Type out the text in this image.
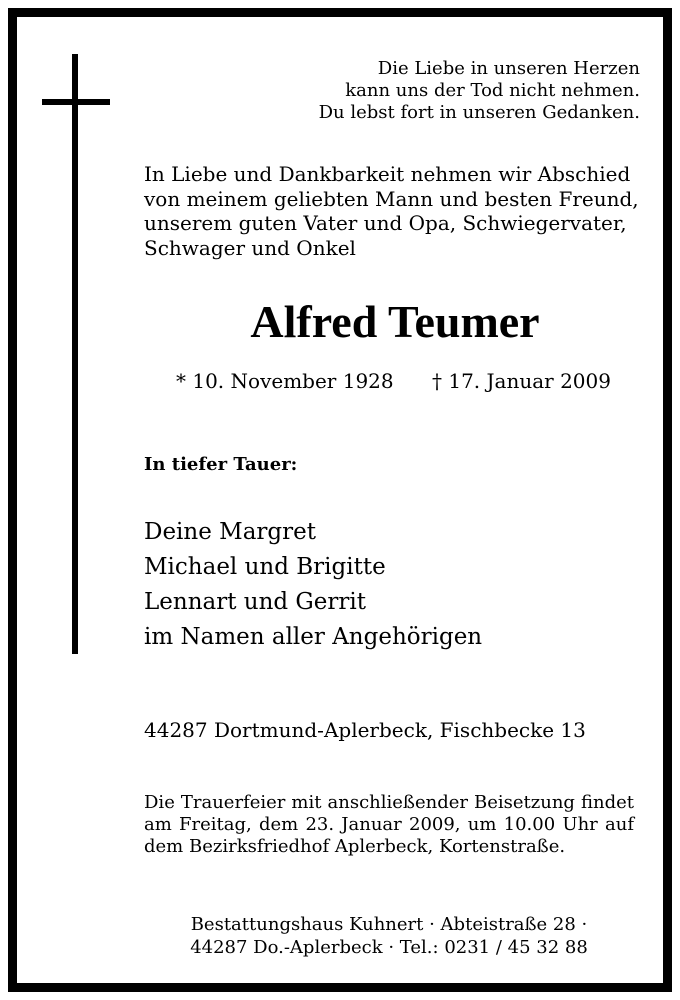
Die Liebe in unseren Herzen
kann uns der Tod nicht nehmen.
Du lebst fort in unseren Gedanken.
In Liebe und Dankbarkeit nehmen wir Abschied
von meinem geliebten Mann und besten Freund,
unserem guten Vater und Opa, Schwiegervater,
Schwager und Onkel
Alfred Teumer
* 10. November 1928 † 17. Januar 2009
In tiefer Tauer:
Deine Margret
Michael und Brigitte
Lennart und Gerrit
im Namen aller Angehörigen
44287 Dortmund-Aplerbeck, Fischbecke 13
Die Trauerfeier mit anschließender Beisetzung findet am Freitag, dem 23. Januar 2009, um 10.00 Uhr auf dem Bezirksfriedhof Aplerbeck, Kortenstraße.
Bestattungshaus Kuhnert · Abteistraße 28 ·
44287 Do.-Aplerbeck · Tel.: 0231 / 45 32 88
